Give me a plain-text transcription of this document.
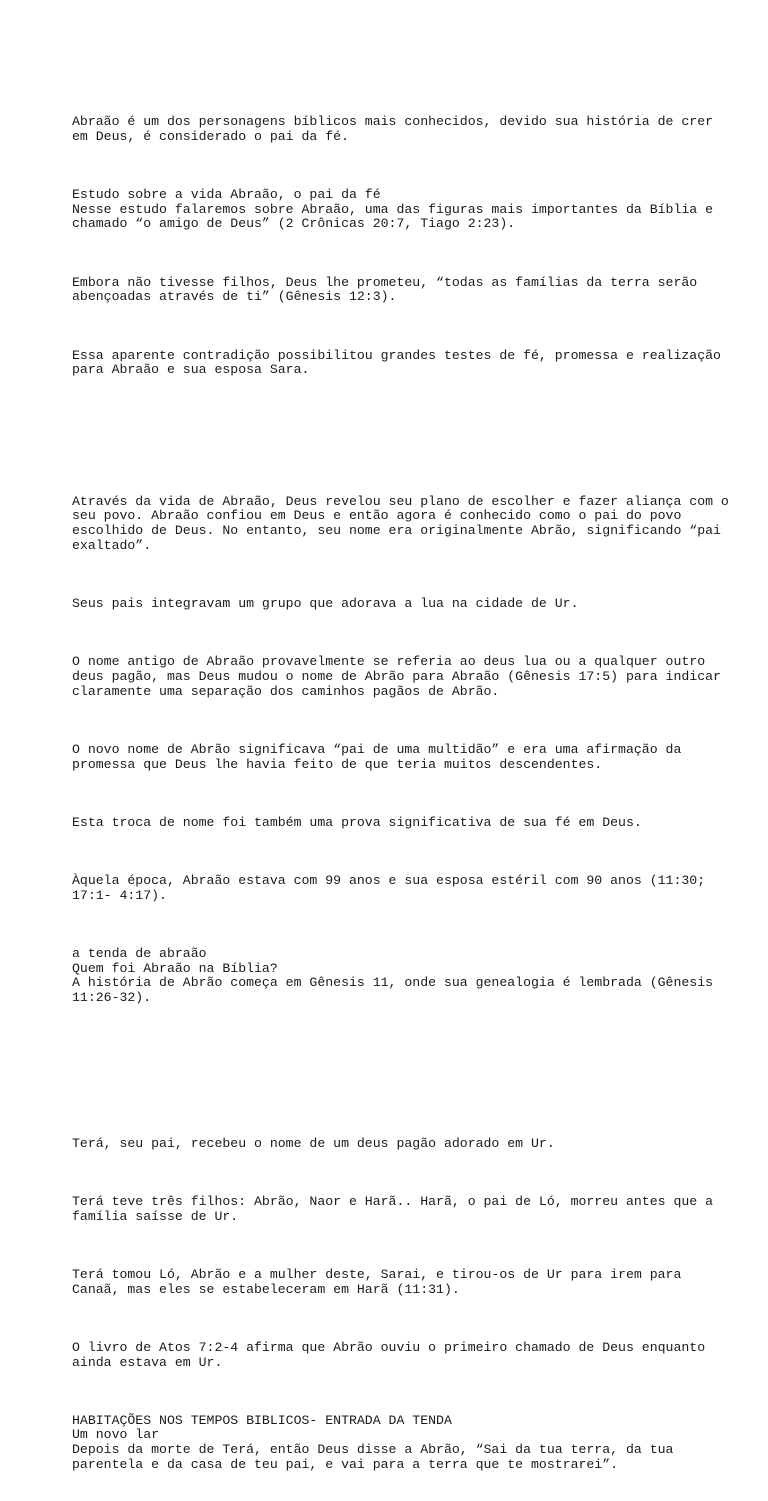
Abraão é um dos personagens bíblicos mais conhecidos, devido sua história de crer
em Deus, é considerado o pai da fé.

Estudo sobre a vida Abraão, o pai da fé
Nesse estudo falaremos sobre Abraão, uma das figuras mais importantes da Bíblia e
chamado “o amigo de Deus” (2 Crônicas 20:7, Tiago 2:23).

Embora não tivesse filhos, Deus lhe prometeu, “todas as famílias da terra serão
abençoadas através de ti” (Gênesis 12:3).

Essa aparente contradição possibilitou grandes testes de fé, promessa e realização
para Abraão e sua esposa Sara.

Através da vida de Abraão, Deus revelou seu plano de escolher e fazer aliança com o
seu povo. Abraão confiou em Deus e então agora é conhecido como o pai do povo
escolhido de Deus. No entanto, seu nome era originalmente Abrão, significando “pai
exaltado”.

Seus pais integravam um grupo que adorava a lua na cidade de Ur.

O nome antigo de Abraão provavelmente se referia ao deus lua ou a qualquer outro
deus pagão, mas Deus mudou o nome de Abrão para Abraão (Gênesis 17:5) para indicar
claramente uma separação dos caminhos pagãos de Abrão.

O novo nome de Abrão significava “pai de uma multidão” e era uma afirmação da
promessa que Deus lhe havia feito de que teria muitos descendentes.

Esta troca de nome foi também uma prova significativa de sua fé em Deus.

Àquela época, Abraão estava com 99 anos e sua esposa estéril com 90 anos (11:30;
17:1- 4:17).

a tenda de abraão
Quem foi Abraão na Bíblia?
A história de Abrão começa em Gênesis 11, onde sua genealogia é lembrada (Gênesis
11:26-32).

Terá, seu pai, recebeu o nome de um deus pagão adorado em Ur.

Terá teve três filhos: Abrão, Naor e Harã.. Harã, o pai de Ló, morreu antes que a
família saísse de Ur.

Terá tomou Ló, Abrão e a mulher deste, Sarai, e tirou-os de Ur para irem para
Canaã, mas eles se estabeleceram em Harã (11:31).

O livro de Atos 7:2-4 afirma que Abrão ouviu o primeiro chamado de Deus enquanto
ainda estava em Ur.

HABITAÇÕES NOS TEMPOS BIBLICOS- ENTRADA DA TENDA
Um novo lar
Depois da morte de Terá, então Deus disse a Abrão, “Sai da tua terra, da tua
parentela e da casa de teu pai, e vai para a terra que te mostrarei”.
